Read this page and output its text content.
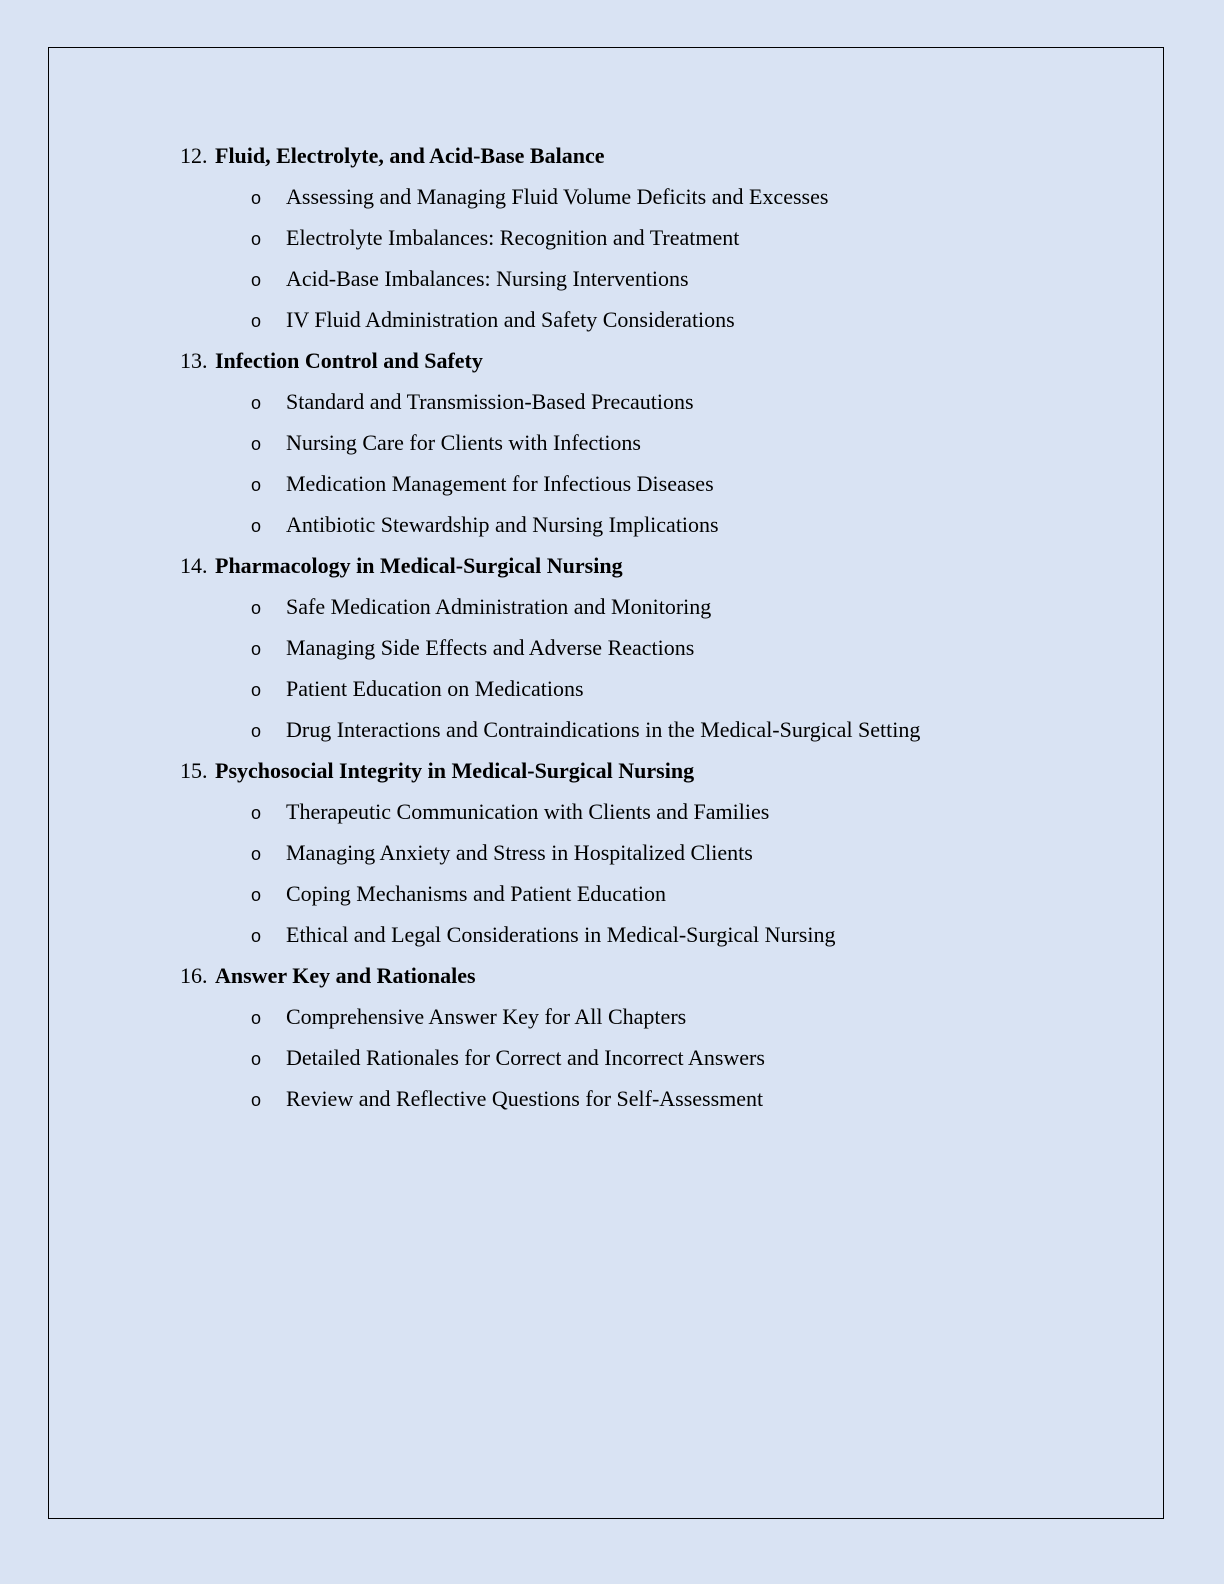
12. Fluid, Electrolyte, and Acid-Base Balance
o Assessing and Managing Fluid Volume Deficits and Excesses
o Electrolyte Imbalances: Recognition and Treatment
o Acid-Base Imbalances: Nursing Interventions
o IV Fluid Administration and Safety Considerations
13. Infection Control and Safety
o Standard and Transmission-Based Precautions
o Nursing Care for Clients with Infections
o Medication Management for Infectious Diseases
o Antibiotic Stewardship and Nursing Implications
14. Pharmacology in Medical-Surgical Nursing
o Safe Medication Administration and Monitoring
o Managing Side Effects and Adverse Reactions
o Patient Education on Medications
o Drug Interactions and Contraindications in the Medical-Surgical Setting
15. Psychosocial Integrity in Medical-Surgical Nursing
o Therapeutic Communication with Clients and Families
o Managing Anxiety and Stress in Hospitalized Clients
o Coping Mechanisms and Patient Education
o Ethical and Legal Considerations in Medical-Surgical Nursing
16. Answer Key and Rationales
o Comprehensive Answer Key for All Chapters
o Detailed Rationales for Correct and Incorrect Answers
o Review and Reflective Questions for Self-Assessment
